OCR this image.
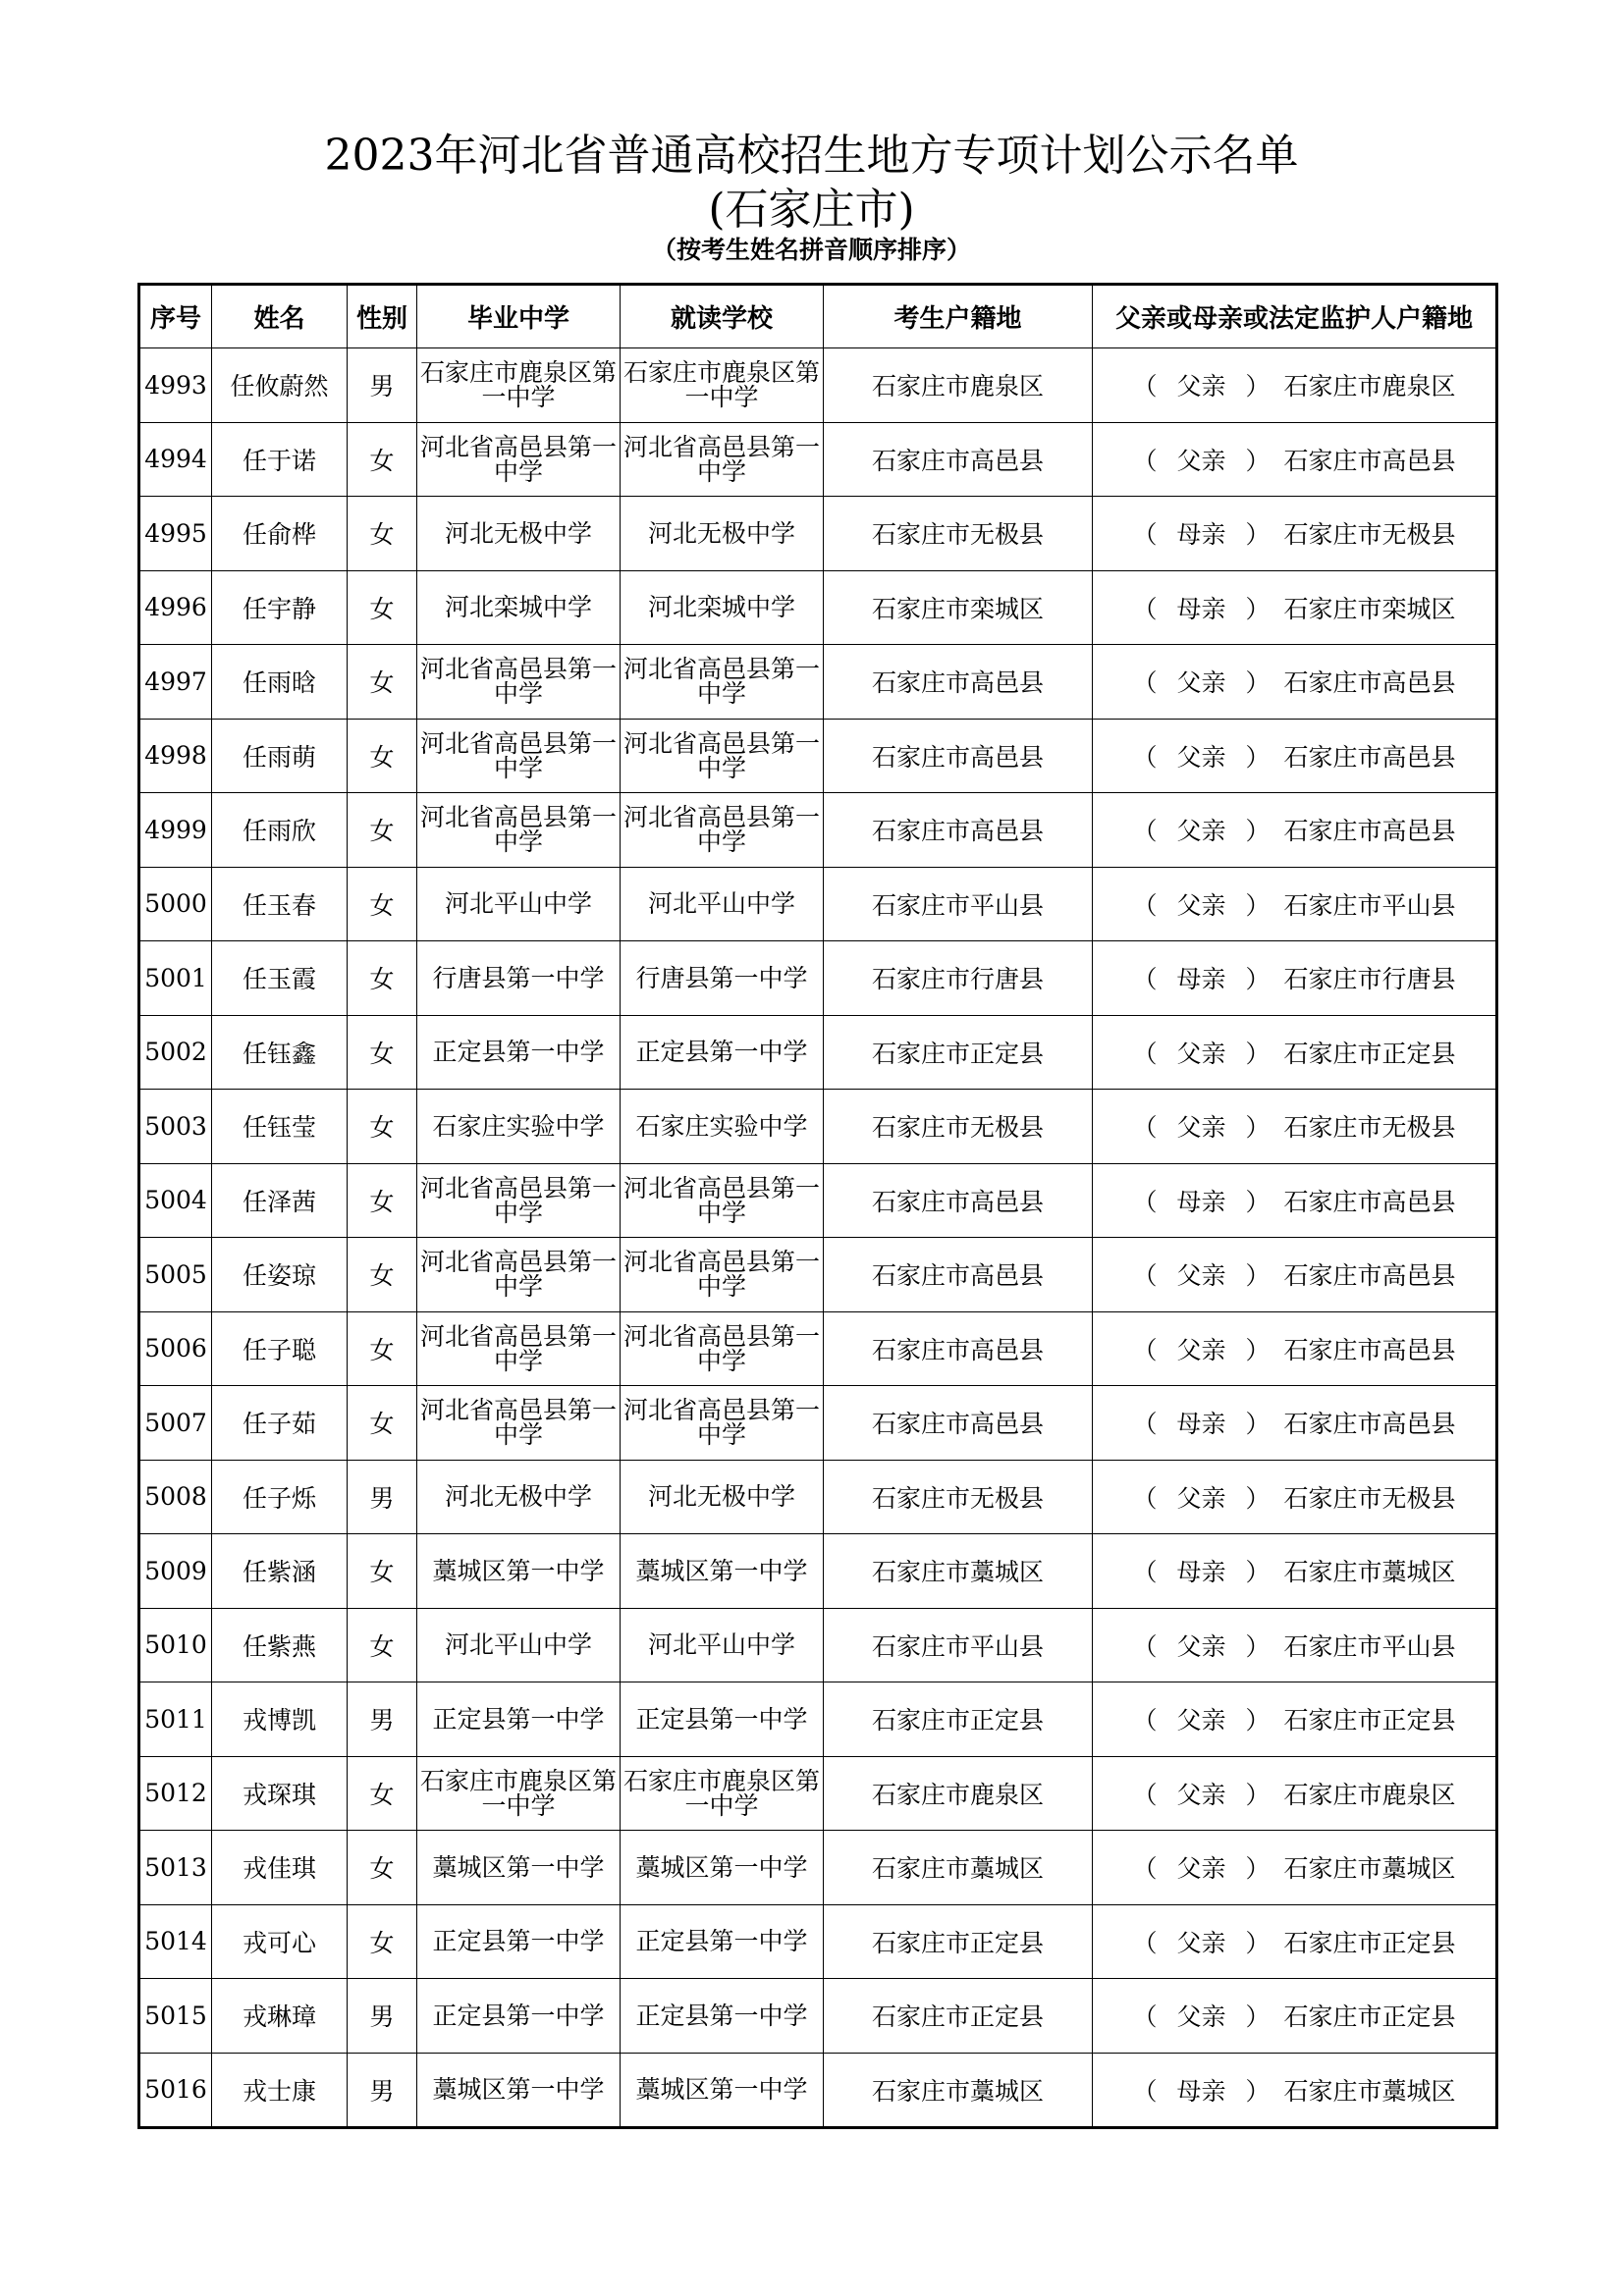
2023年河北省普通高校招生地方专项计划公示名单
(石家庄市)
（按考生姓名拼音顺序排序）
序号	姓名	性别	毕业中学	就读学校	考生户籍地	父亲或母亲或法定监护人户籍地
4993	任攸蔚然	男	石家庄市鹿泉区第一中学	石家庄市鹿泉区第一中学	石家庄市鹿泉区	（ 父亲 ） 石家庄市鹿泉区
4994	任于诺	女	河北省高邑县第一中学	河北省高邑县第一中学	石家庄市高邑县	（ 父亲 ） 石家庄市高邑县
4995	任俞桦	女	河北无极中学	河北无极中学	石家庄市无极县	（ 母亲 ） 石家庄市无极县
4996	任宇静	女	河北栾城中学	河北栾城中学	石家庄市栾城区	（ 母亲 ） 石家庄市栾城区
4997	任雨晗	女	河北省高邑县第一中学	河北省高邑县第一中学	石家庄市高邑县	（ 父亲 ） 石家庄市高邑县
4998	任雨萌	女	河北省高邑县第一中学	河北省高邑县第一中学	石家庄市高邑县	（ 父亲 ） 石家庄市高邑县
4999	任雨欣	女	河北省高邑县第一中学	河北省高邑县第一中学	石家庄市高邑县	（ 父亲 ） 石家庄市高邑县
5000	任玉春	女	河北平山中学	河北平山中学	石家庄市平山县	（ 父亲 ） 石家庄市平山县
5001	任玉霞	女	行唐县第一中学	行唐县第一中学	石家庄市行唐县	（ 母亲 ） 石家庄市行唐县
5002	任钰鑫	女	正定县第一中学	正定县第一中学	石家庄市正定县	（ 父亲 ） 石家庄市正定县
5003	任钰莹	女	石家庄实验中学	石家庄实验中学	石家庄市无极县	（ 父亲 ） 石家庄市无极县
5004	任泽茜	女	河北省高邑县第一中学	河北省高邑县第一中学	石家庄市高邑县	（ 母亲 ） 石家庄市高邑县
5005	任姿琼	女	河北省高邑县第一中学	河北省高邑县第一中学	石家庄市高邑县	（ 父亲 ） 石家庄市高邑县
5006	任子聪	女	河北省高邑县第一中学	河北省高邑县第一中学	石家庄市高邑县	（ 父亲 ） 石家庄市高邑县
5007	任子茹	女	河北省高邑县第一中学	河北省高邑县第一中学	石家庄市高邑县	（ 母亲 ） 石家庄市高邑县
5008	任子烁	男	河北无极中学	河北无极中学	石家庄市无极县	（ 父亲 ） 石家庄市无极县
5009	任紫涵	女	藁城区第一中学	藁城区第一中学	石家庄市藁城区	（ 母亲 ） 石家庄市藁城区
5010	任紫燕	女	河北平山中学	河北平山中学	石家庄市平山县	（ 父亲 ） 石家庄市平山县
5011	戎博凯	男	正定县第一中学	正定县第一中学	石家庄市正定县	（ 父亲 ） 石家庄市正定县
5012	戎琛琪	女	石家庄市鹿泉区第一中学	石家庄市鹿泉区第一中学	石家庄市鹿泉区	（ 父亲 ） 石家庄市鹿泉区
5013	戎佳琪	女	藁城区第一中学	藁城区第一中学	石家庄市藁城区	（ 父亲 ） 石家庄市藁城区
5014	戎可心	女	正定县第一中学	正定县第一中学	石家庄市正定县	（ 父亲 ） 石家庄市正定县
5015	戎琳璋	男	正定县第一中学	正定县第一中学	石家庄市正定县	（ 父亲 ） 石家庄市正定县
5016	戎士康	男	藁城区第一中学	藁城区第一中学	石家庄市藁城区	（ 母亲 ） 石家庄市藁城区
